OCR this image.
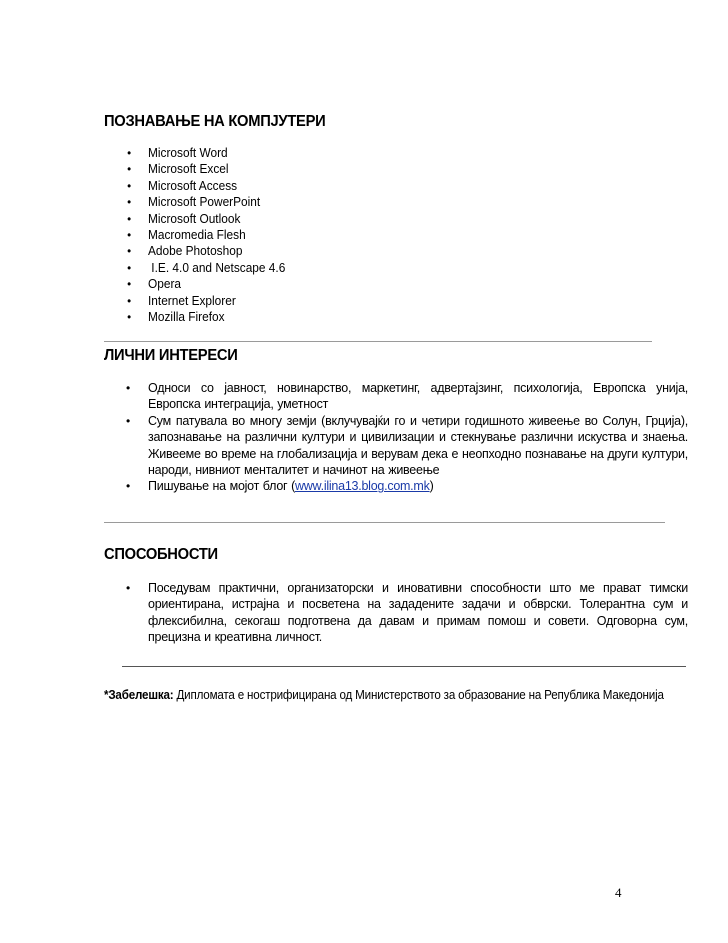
ПОЗНАВАЊЕ НА КОМПЈУТЕРИ
• Microsoft Word
• Microsoft Excel
• Microsoft Access
• Microsoft PowerPoint
• Microsoft Outlook
• Macromedia Flesh
• Adobe Photoshop
• I.E. 4.0 and Netscape 4.6
• Opera
• Internet Explorer
• Mozilla Firefox
ЛИЧНИ ИНТЕРЕСИ
• Односи со јавност, новинарство, маркетинг, адвертајзинг, психологија, Европска унија, Европска интеграција, уметност
• Сум патувала во многу земји (вклучувајќи го и четири годишното живеење во Солун, Грција), запознавање на различни култури и цивилизации и стекнување различни искуства и знаења. Живееме во време на глобализација и верувам дека е неопходно познавање на други култури, народи, нивниот менталитет и начинот на живеење
• Пишување на мојот блог (www.ilina13.blog.com.mk)
СПОСОБНОСТИ
• Поседувам практични, организаторски и иновативни способности што ме прават тимски ориентирана, истрајна и посветена на зададените задачи и обврски. Толерантна сум и флексибилна, секогаш подготвена да давам и примам помош и совети. Одговорна сум, прецизна и креативна личност.
*Забелешка: Дипломата е нострифицирана од Министерството за образование на Република Македонија
4
